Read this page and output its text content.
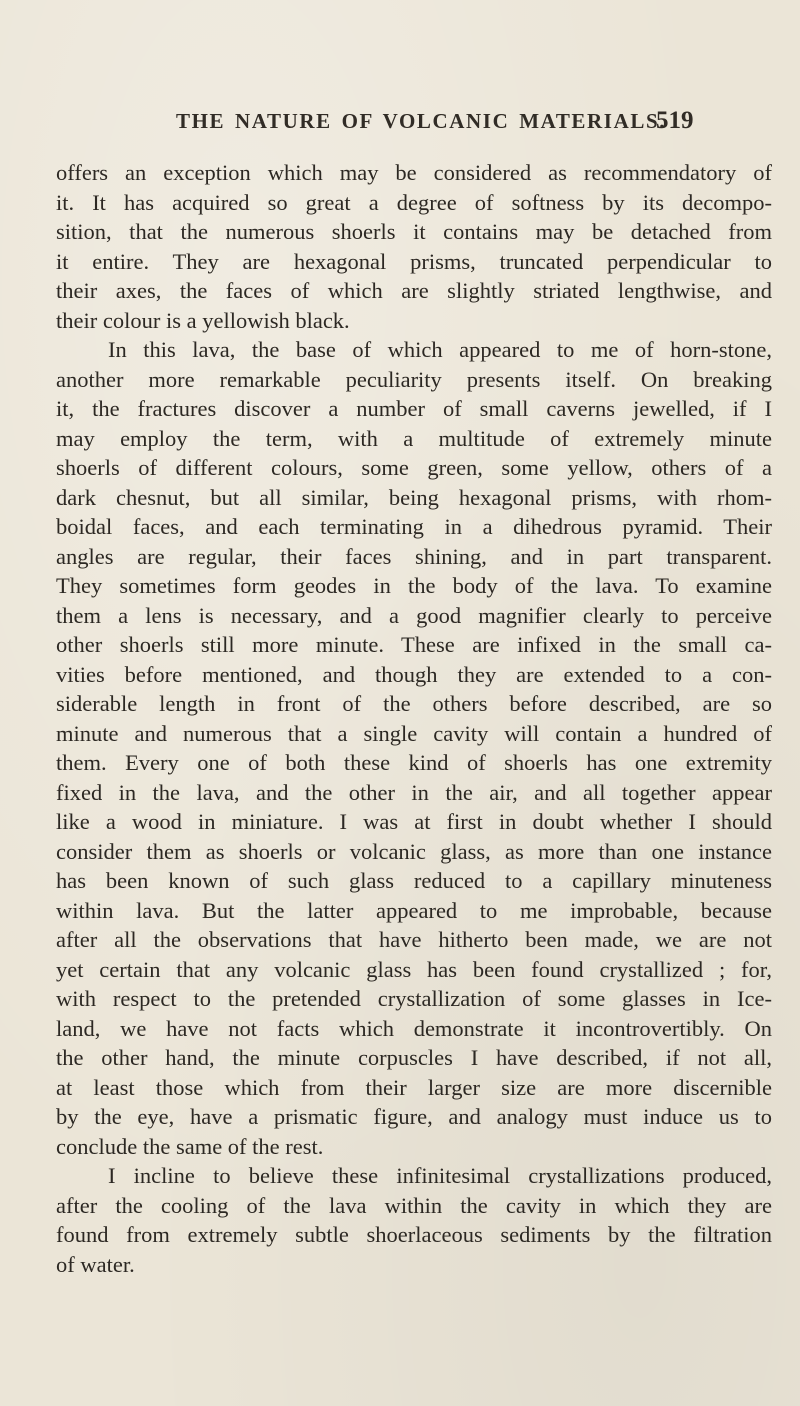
THE NATURE OF VOLCANIC MATERIALS.
519
offers an exception which may be considered as recommendatory of
it. It has acquired so great a degree of softness by its decompo-
sition, that the numerous shoerls it contains may be detached from
it entire. They are hexagonal prisms, truncated perpendicular to
their axes, the faces of which are slightly striated lengthwise, and
their colour is a yellowish black.
In this lava, the base of which appeared to me of horn-stone,
another more remarkable peculiarity presents itself. On breaking
it, the fractures discover a number of small caverns jewelled, if I
may employ the term, with a multitude of extremely minute
shoerls of different colours, some green, some yellow, others of a
dark chesnut, but all similar, being hexagonal prisms, with rhom-
boidal faces, and each terminating in a dihedrous pyramid. Their
angles are regular, their faces shining, and in part transparent.
They sometimes form geodes in the body of the lava. To examine
them a lens is necessary, and a good magnifier clearly to perceive
other shoerls still more minute. These are infixed in the small ca-
vities before mentioned, and though they are extended to a con-
siderable length in front of the others before described, are so
minute and numerous that a single cavity will contain a hundred of
them. Every one of both these kind of shoerls has one extremity
fixed in the lava, and the other in the air, and all together appear
like a wood in miniature. I was at first in doubt whether I should
consider them as shoerls or volcanic glass, as more than one instance
has been known of such glass reduced to a capillary minuteness
within lava. But the latter appeared to me improbable, because
after all the observations that have hitherto been made, we are not
yet certain that any volcanic glass has been found crystallized ; for,
with respect to the pretended crystallization of some glasses in Ice-
land, we have not facts which demonstrate it incontrovertibly. On
the other hand, the minute corpuscles I have described, if not all,
at least those which from their larger size are more discernible
by the eye, have a prismatic figure, and analogy must induce us to
conclude the same of the rest.
I incline to believe these infinitesimal crystallizations produced,
after the cooling of the lava within the cavity in which they are
found from extremely subtle shoerlaceous sediments by the filtration
of water.
